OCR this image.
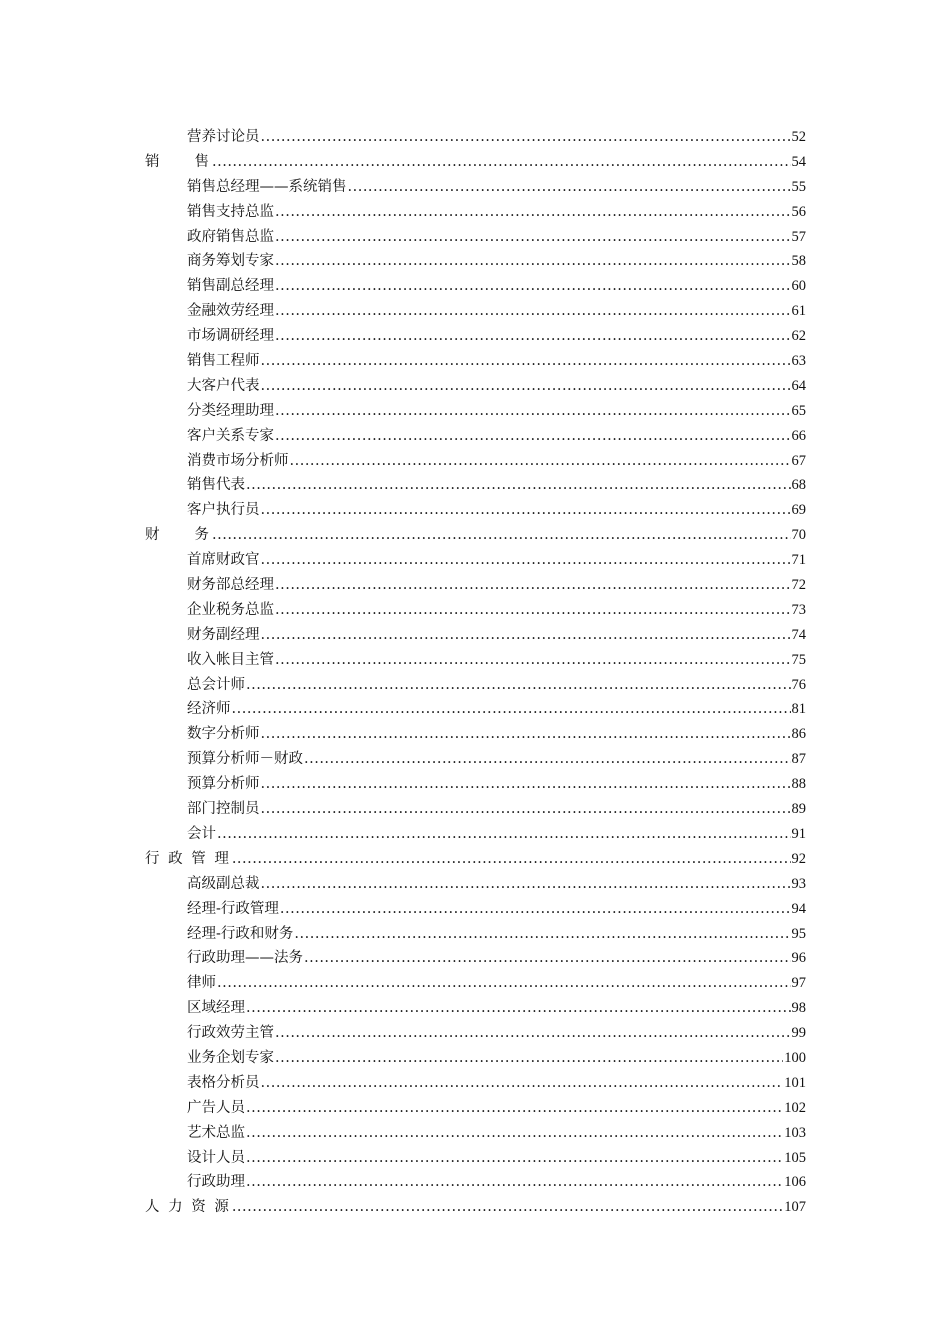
营养讨论员 .....	52
销　　售 .....	54
销售总经理——系统销售 .....	55
销售支持总监 .....	56
政府销售总监 .....	57
商务筹划专家 .....	58
销售副总经理 .....	60
金融效劳经理 .....	61
市场调研经理 .....	62
销售工程师 .....	63
大客户代表 .....	64
分类经理助理 .....	65
客户关系专家 .....	66
消费市场分析师 .....	67
销售代表 .....	68
客户执行员 .....	69
财　　务 .....	70
首席财政官 .....	71
财务部总经理 .....	72
企业税务总监 .....	73
财务副经理 .....	74
收入帐目主管 .....	75
总会计师 .....	76
经济师 .....	81
数字分析师 .....	86
预算分析师－财政 .....	87
预算分析师 .....	88
部门控制员 .....	89
会计 .....	91
行 政 管 理 .....	92
高级副总裁 .....	93
经理-行政管理 .....	94
经理-行政和财务 .....	95
行政助理——法务 .....	96
律师 .....	97
区域经理 .....	98
行政效劳主管 .....	99
业务企划专家 .....	100
表格分析员 .....	101
广告人员 .....	102
艺术总监 .....	103
设计人员 .....	105
行政助理 .....	106
人 力 资 源 .....	107
